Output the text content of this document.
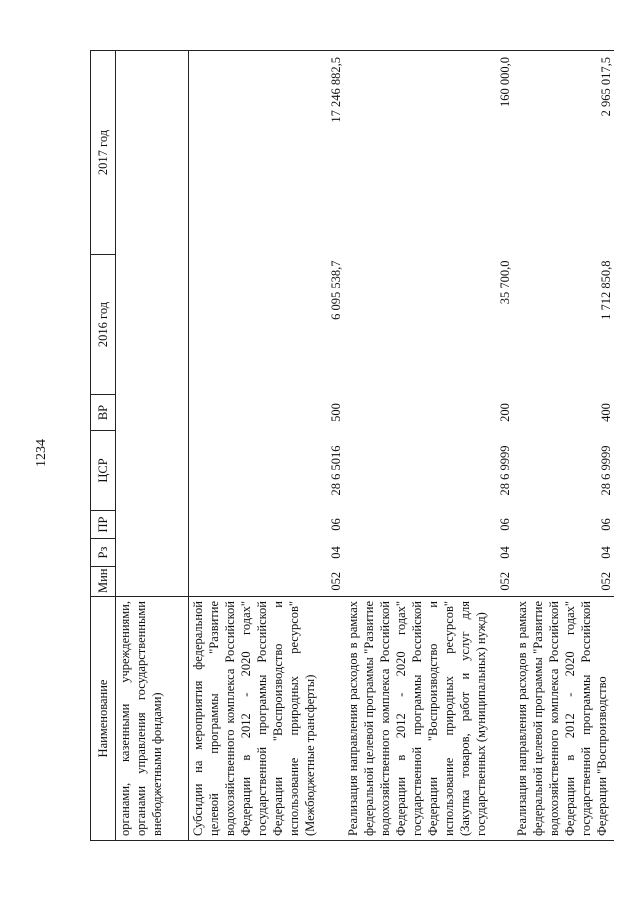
1234
Наименование	Мин	Рз	ПР	ЦСР	ВР	2016 год	2017 год
органами, казенными учреждениями, органами управления государственными внебюджетными фондами)							
Субсидии на мероприятия федеральной целевой программы "Развитие водохозяйственного комплекса Российской Федерации в 2012 - 2020 годах" государственной программы Российской Федерации "Воспроизводство и использование природных ресурсов" (Межбюджетные трансферты)	052	04	06	28 6 5016	500	6 095 538,7	17 246 882,5
Реализация направления расходов в рамках федеральной целевой программы "Развитие водохозяйственного комплекса Российской Федерации в 2012 - 2020 годах" государственной программы Российской Федерации "Воспроизводство и использование природных ресурсов" (Закупка товаров, работ и услуг для государственных (муниципальных) нужд)	052	04	06	28 6 9999	200	35 700,0	160 000,0
Реализация направления расходов в рамках федеральной целевой программы "Развитие водохозяйственного комплекса Российской Федерации в 2012 - 2020 годах" государственной программы Российской Федерации "Воспроизводство	052	04	06	28 6 9999	400	1 712 850,8	2 965 017,5
